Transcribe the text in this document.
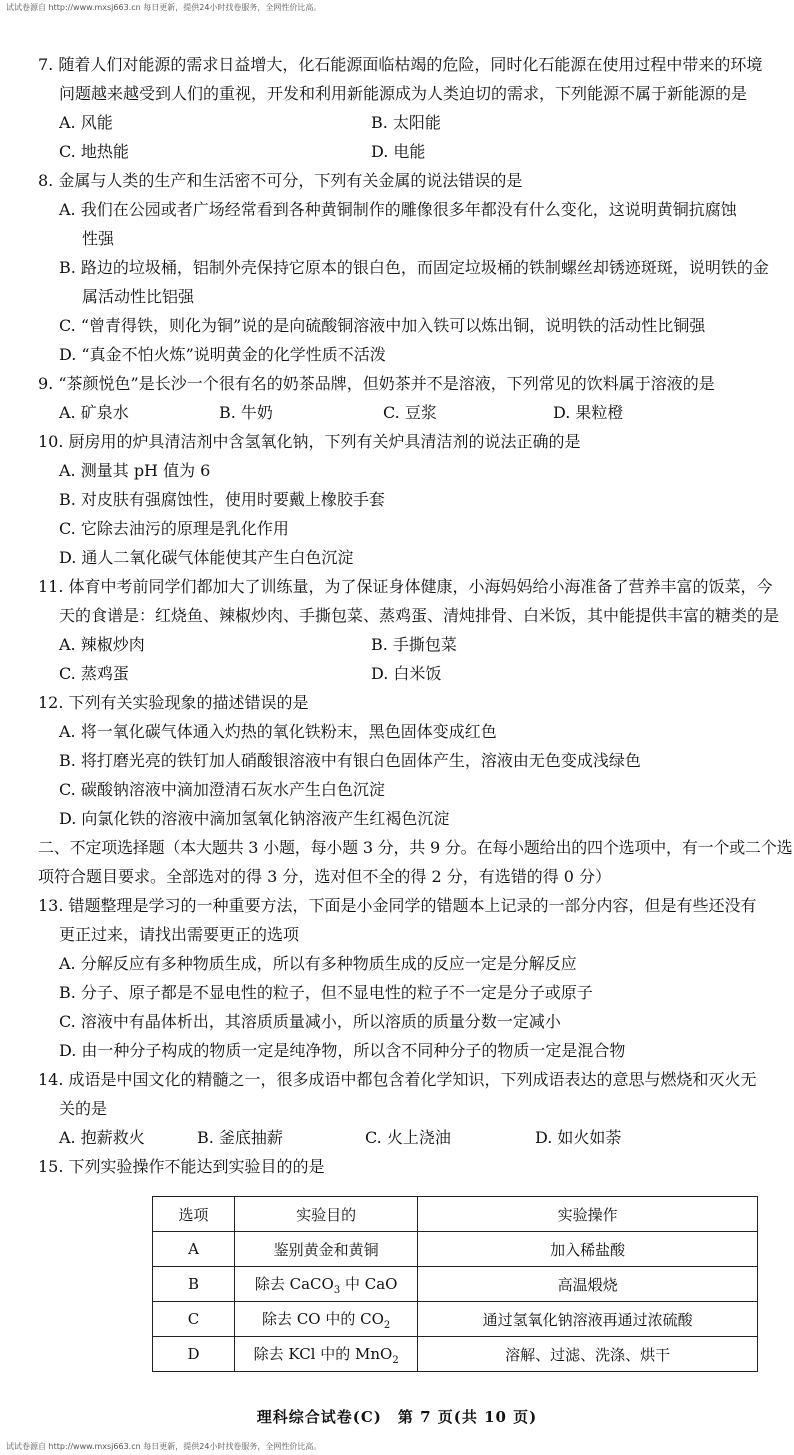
试试卷源自 http://www.mxsj663.cn 每日更新，提供24小时找卷服务，全网性价比高。
7. 随着人们对能源的需求日益增大，化石能源面临枯竭的危险，同时化石能源在使用过程中带来的环境
问题越来越受到人们的重视，开发和利用新能源成为人类迫切的需求，下列能源不属于新能源的是
A. 风能	B. 太阳能
C. 地热能	D. 电能
8. 金属与人类的生产和生活密不可分，下列有关金属的说法错误的是
A. 我们在公园或者广场经常看到各种黄铜制作的雕像很多年都没有什么变化，这说明黄铜抗腐蚀
性强
B. 路边的垃圾桶，铝制外壳保持它原本的银白色，而固定垃圾桶的铁制螺丝却锈迹斑斑，说明铁的金
属活动性比铝强
C. “曾青得铁，则化为铜”说的是向硫酸铜溶液中加入铁可以炼出铜，说明铁的活动性比铜强
D. “真金不怕火炼”说明黄金的化学性质不活泼
9. “茶颜悦色”是长沙一个很有名的奶茶品牌，但奶茶并不是溶液，下列常见的饮料属于溶液的是
A. 矿泉水	B. 牛奶	C. 豆浆	D. 果粒橙
10. 厨房用的炉具清洁剂中含氢氧化钠，下列有关炉具清洁剂的说法正确的是
A. 测量其 pH 值为 6
B. 对皮肤有强腐蚀性，使用时要戴上橡胶手套
C. 它除去油污的原理是乳化作用
D. 通人二氧化碳气体能使其产生白色沉淀
11. 体育中考前同学们都加大了训练量，为了保证身体健康，小海妈妈给小海准备了营养丰富的饭菜，今
天的食谱是：红烧鱼、辣椒炒肉、手撕包菜、蒸鸡蛋、清炖排骨、白米饭，其中能提供丰富的糖类的是
A. 辣椒炒肉	B. 手撕包菜
C. 蒸鸡蛋	D. 白米饭
12. 下列有关实验现象的描述错误的是
A. 将一氧化碳气体通入灼热的氧化铁粉末，黑色固体变成红色
B. 将打磨光亮的铁钉加人硝酸银溶液中有银白色固体产生，溶液由无色变成浅绿色
C. 碳酸钠溶液中滴加澄清石灰水产生白色沉淀
D. 向氯化铁的溶液中滴加氢氧化钠溶液产生红褐色沉淀
二、不定项选择题（本大题共 3 小题，每小题 3 分，共 9 分。在每小题给出的四个选项中，有一个或二个选
项符合题目要求。全部选对的得 3 分，选对但不全的得 2 分，有选错的得 0 分）
13. 错题整理是学习的一种重要方法，下面是小金同学的错题本上记录的一部分内容，但是有些还没有
更正过来，请找出需要更正的选项
A. 分解反应有多种物质生成，所以有多种物质生成的反应一定是分解反应
B. 分子、原子都是不显电性的粒子，但不显电性的粒子不一定是分子或原子
C. 溶液中有晶体析出，其溶质质量减小，所以溶质的质量分数一定减小
D. 由一种分子构成的物质一定是纯净物，所以含不同种分子的物质一定是混合物
14. 成语是中国文化的精髓之一，很多成语中都包含着化学知识，下列成语表达的意思与燃烧和灭火无
关的是
A. 抱薪救火	B. 釜底抽薪	C. 火上浇油	D. 如火如荼
15. 下列实验操作不能达到实验目的的是
选项	实验目的	实验操作
A	鉴别黄金和黄铜	加入稀盐酸
B	除去 CaCO$_3$ 中 CaO	高温煅烧
C	除去 CO 中的 $CO_2$	通过氢氧化钠溶液再通过浓硫酸
D	除去 KCl 中的 MnO$_2$	溶解、过滤、洗涤、烘干
理科综合试卷(C)　第 7 页(共 10 页)
试试卷源自 http://www.mxsj663.cn 每日更新，提供24小时找卷服务，全网性价比高。
